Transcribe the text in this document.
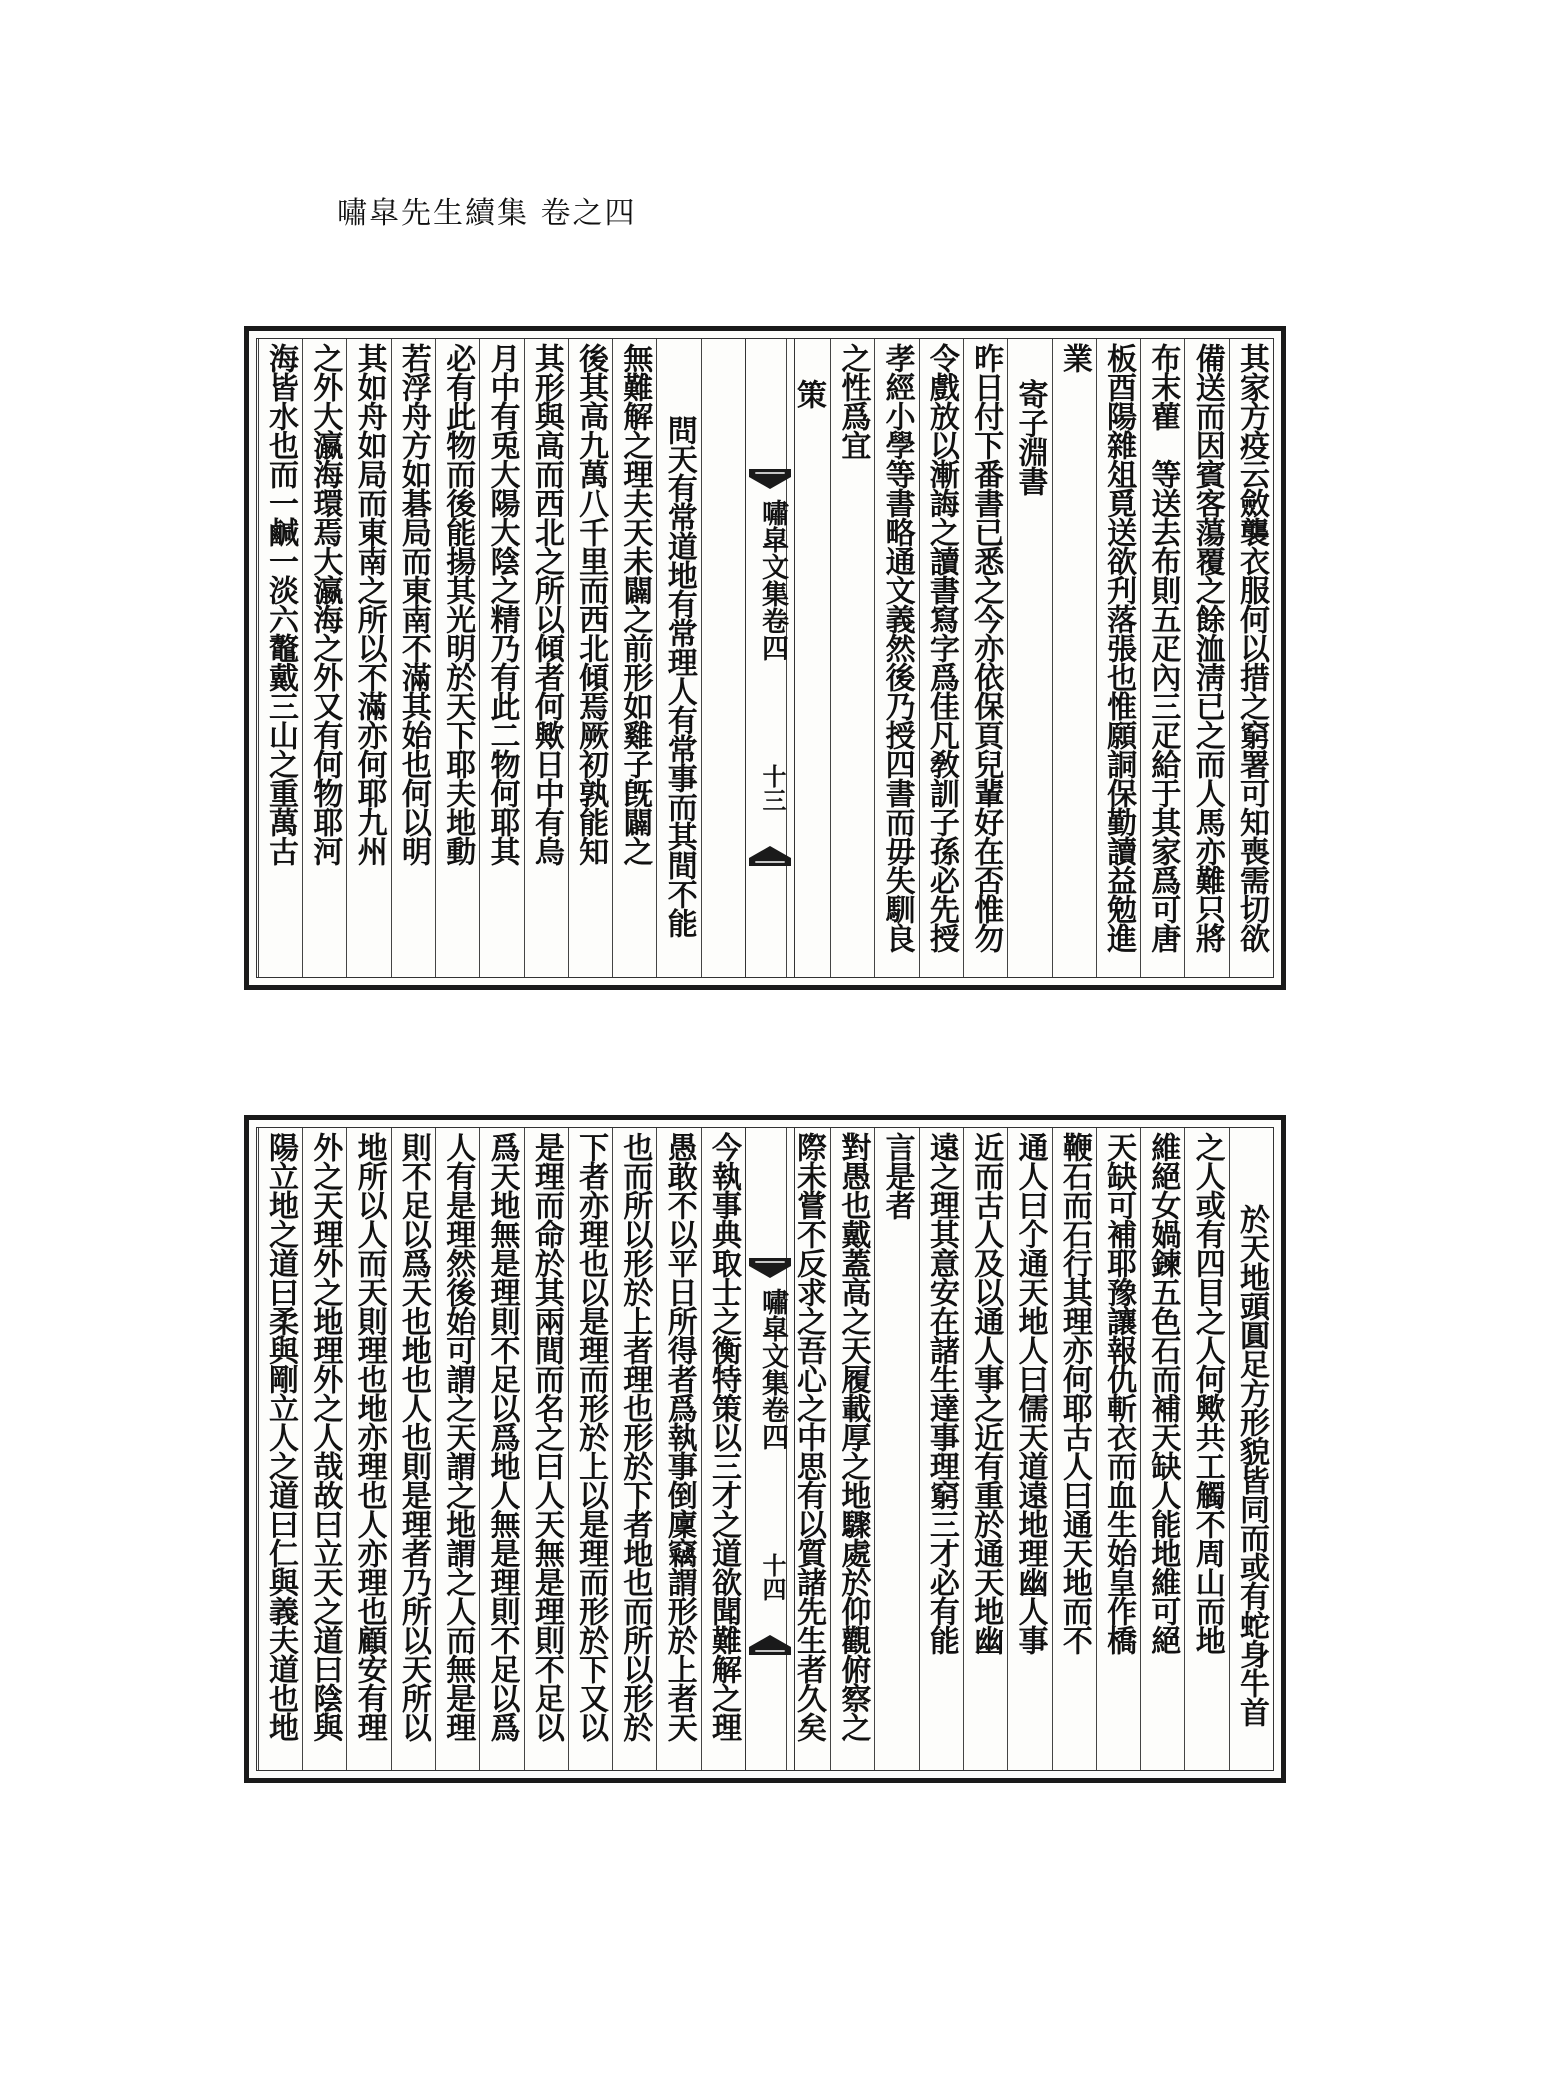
嘯皐先生續集 卷之四
其家方疫云斂襲衣服何以措之窮署可知喪需切欲
備送而因賓客蕩覆之餘洫淸已之而人馬亦難只將
布末雚　等送去布則五疋內三疋給于其家爲可唐
板酉陽雜俎覓送欲刋落張也惟願詷保勤讀益勉進
業
寄子淵書
昨日付下番書已悉之今亦依保頁兒輩好在否惟勿
令戲放以漸誨之讀書寫字爲佳凡敎訓子孫必先授
孝經小學等書略通文義然後乃授四書而毋失馴良
之性爲宜
策
嘯皐文集卷四
十三
問天有常道地有常理人有常事而其間不能
無難解之理夫天未闢之前形如雞子旣闢之
後其高九萬八千里而西北傾焉厥初孰能知
其形與高而西北之所以傾者何歟日中有烏
月中有兎大陽大陰之精乃有此二物何耶其
必有此物而後能揚其光明於天下耶夫地動
若浮舟方如碁局而東南不滿其始也何以明
其如舟如局而東南之所以不滿亦何耶九州
之外大瀛海環焉大瀛海之外又有何物耶河
海皆水也而一鹹一淡六鼇戴三山之重萬古
於天地頭圓足方形貌皆同而或有蛇身牛首
之人或有四目之人何歟共工觸不周山而地
維絕女媧鍊五色石而補天缺人能地維可絕
天缺可補耶豫讓報仇斬衣而血生始皇作橋
鞭石而石行其理亦何耶古人曰通天地而不
通人曰𠆤通天地人曰儒天道遠地理幽人事
近而古人及以通人事之近有重於通天地幽
遠之理其意安在諸生達事理窮三才必有能
言是者
對愚也戴蓋高之天履載厚之地驟處於仰觀俯察之
際未嘗不反求之吾心之中思有以質諸先生者久矣
嘯皐文集卷四
十四
今執事典取士之衡特策以三才之道欲聞難解之理
愚敢不以平日所得者爲執事倒廩竊謂形於上者天
也而所以形於上者理也形於下者地也而所以形於
下者亦理也以是理而形於上以是理而形於下又以
是理而命於其兩間而名之曰人天無是理則不足以
爲天地無是理則不足以爲地人無是理則不足以爲
人有是理然後始可謂之天謂之地謂之人而無是理
則不足以爲天也地也人也則是理者乃所以天所以
地所以人而天則理也地亦理也人亦理也顧安有理
外之天理外之地理外之人哉故曰立天之道曰陰與
陽立地之道曰柔與剛立人之道曰仁與義夫道也地
